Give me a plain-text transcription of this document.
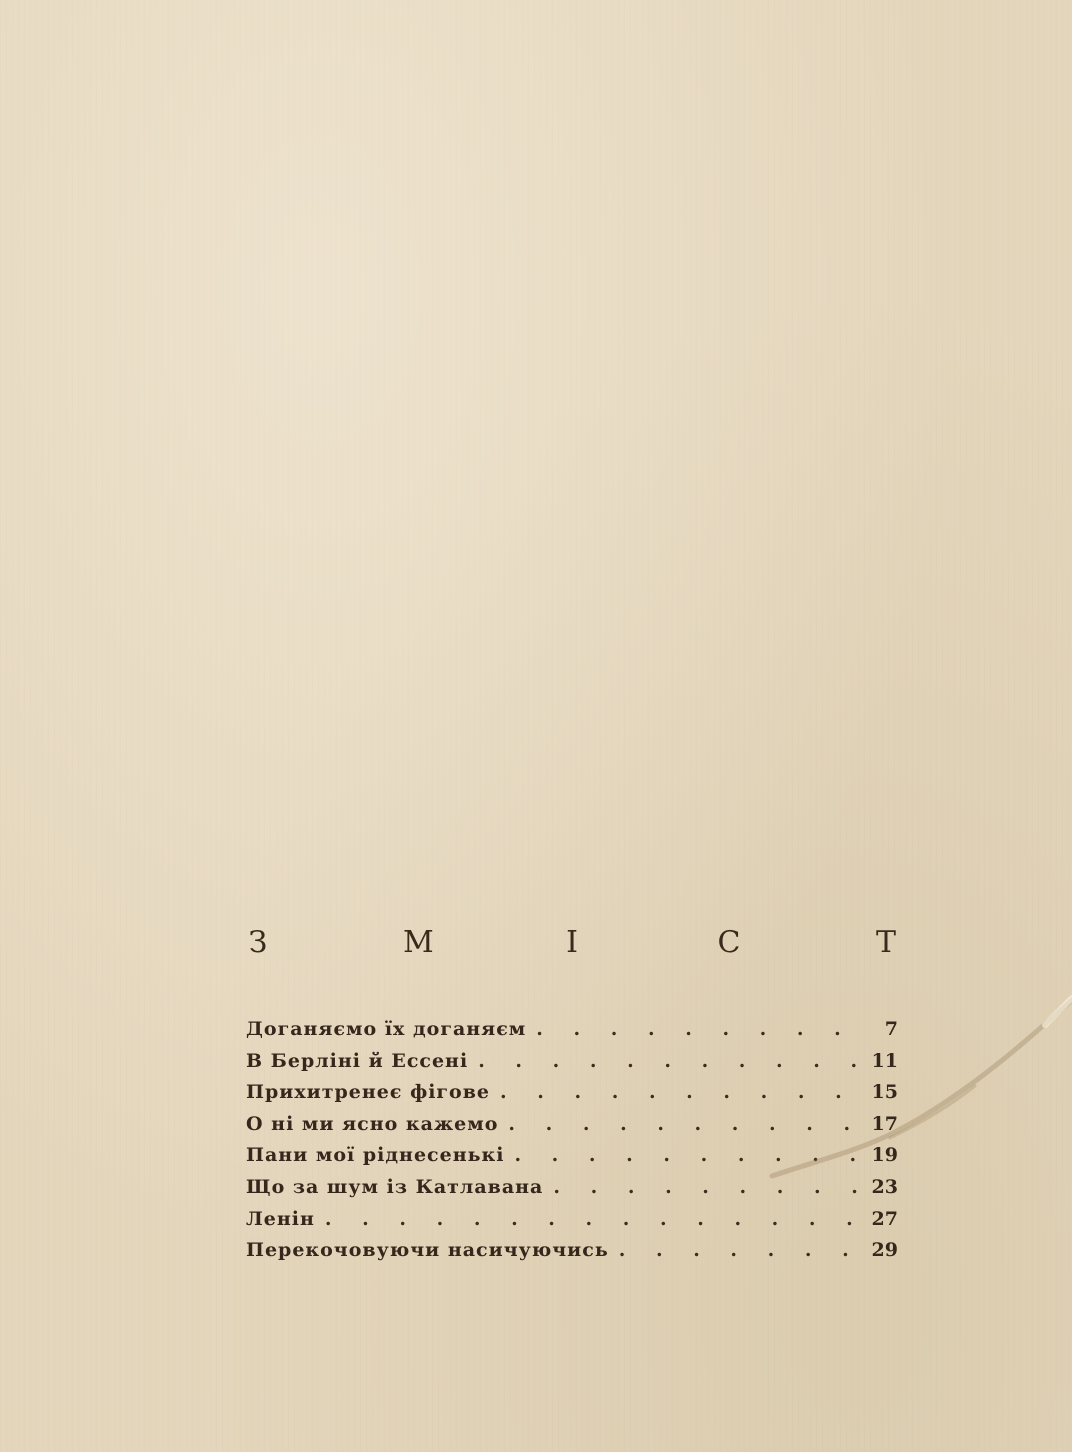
З	М	І	С	Т
Доганяємо їх доганяєм . . .	7
В Берліні й Ессені . . .	11
Прихитренеє фігове . . .	15
О ні ми ясно кажемо . . .	17
Пани мої ріднесенькі . . .	19
Що за шум із Катлавана . . .	23
Ленін . . .	27
Перекочовуючи насичуючись . . .	29
